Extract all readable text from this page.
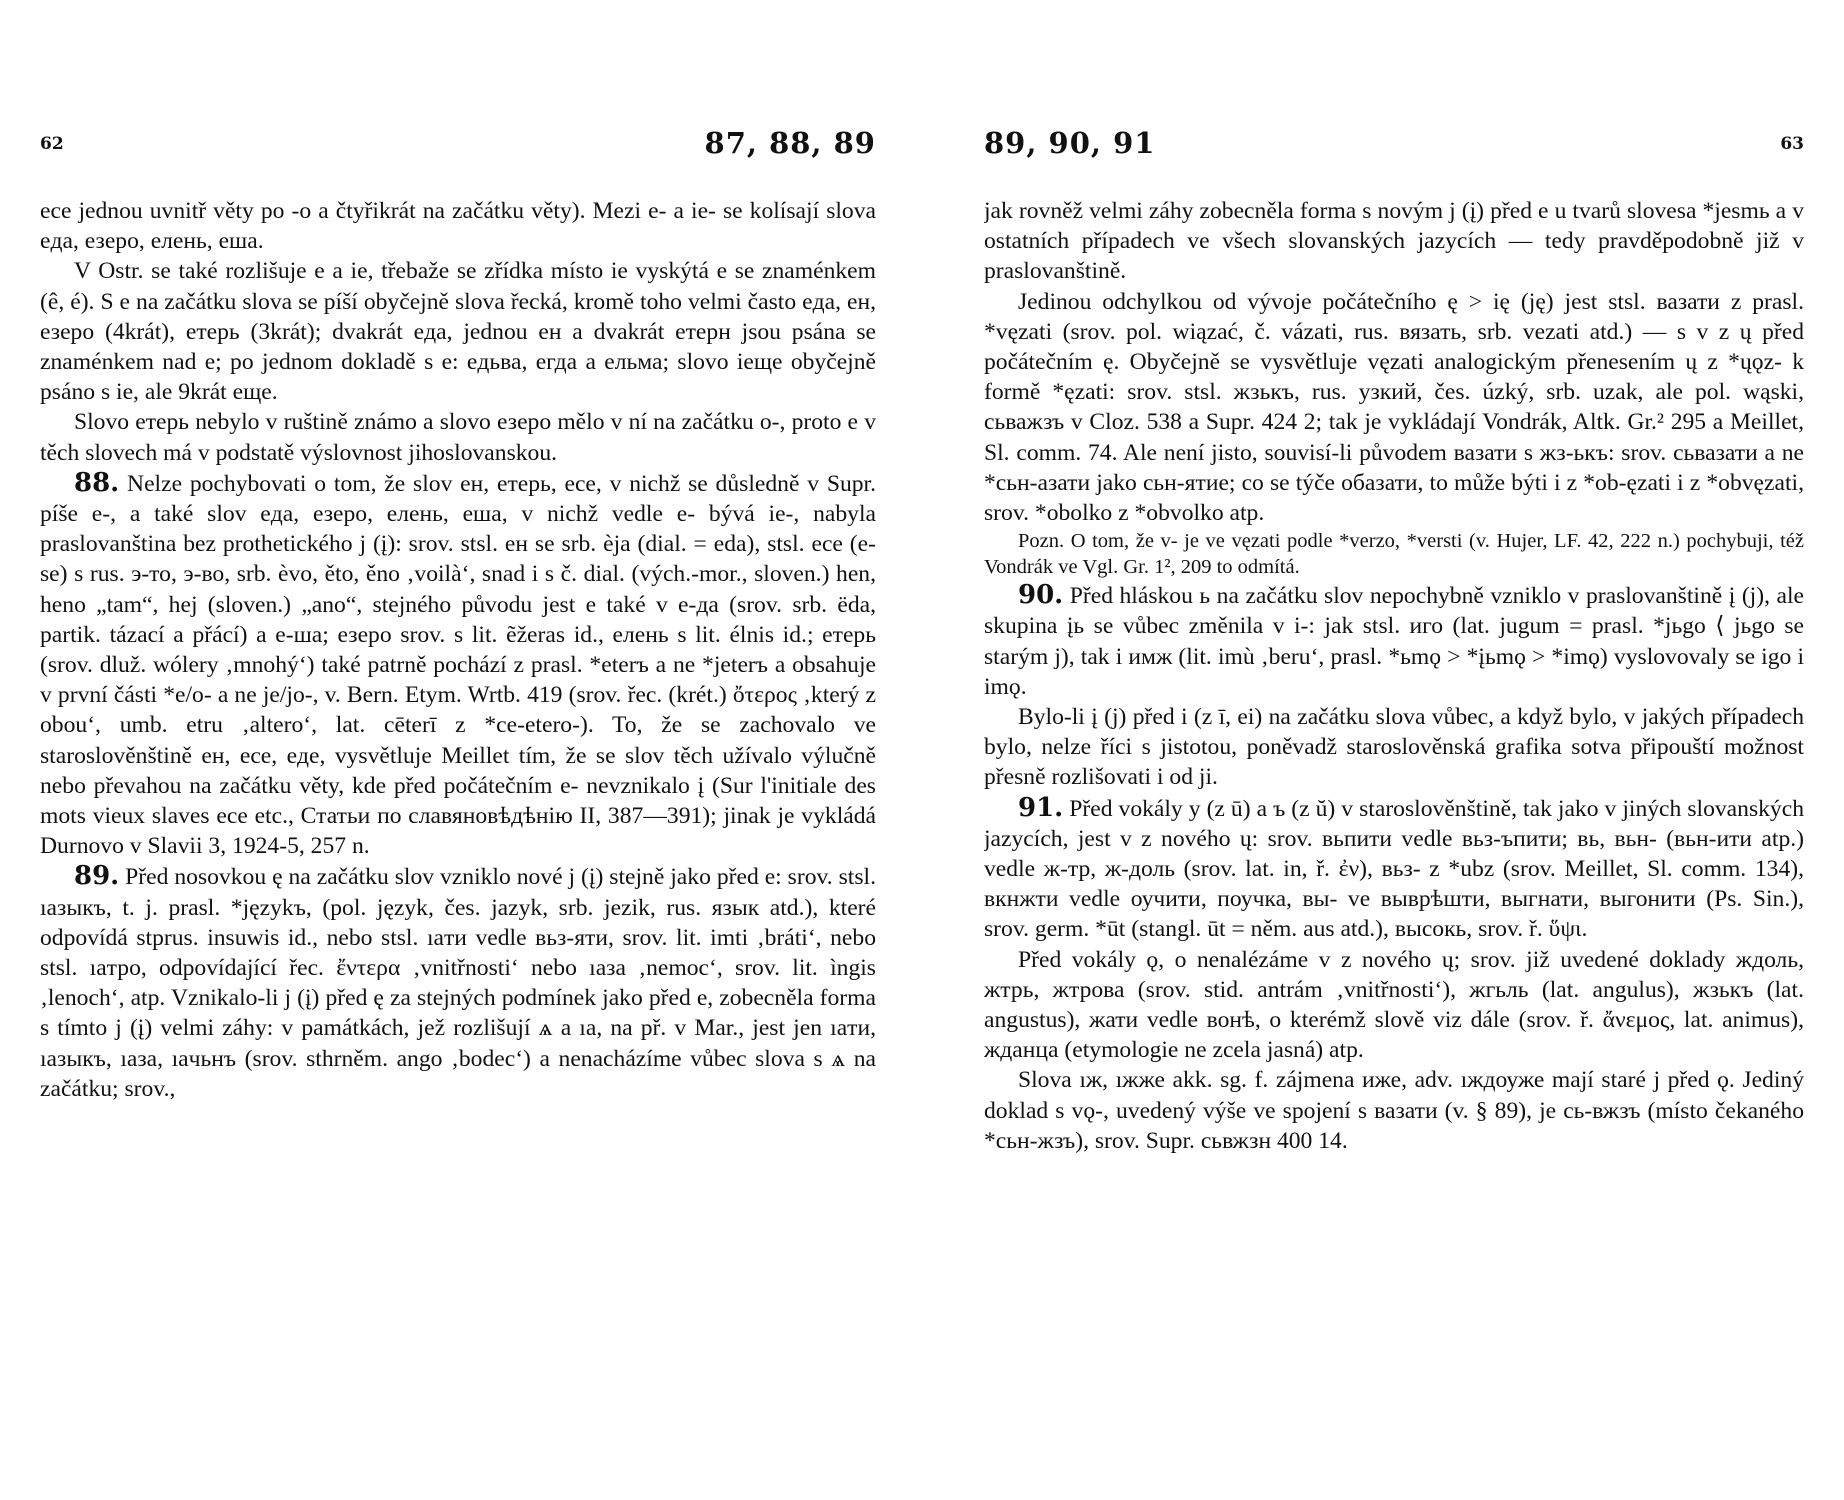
62	87, 88, 89

ece jednou uvnitř věty po -o a čtyřikrát na začátku věty). Mezi e- a ie- se kolísají slova eда, езеро, елень, еша.

V Ostr. se také rozlišuje e a ie, třebaže se zřídka místo ie vyskýtá e se znaménkem (ê, é). S e na začátku slova se píší obyčejně slova řecká, kromě toho velmi často eда, ен, езеро (4krát), етерь (3krát); dvakrát eда, jednou ен a dvakrát етерн jsou psána se znaménkem nad e; po jednom dokladě s e: eдьва, егда a ельма; slovo ieще obyčejně psáno s ie, ale 9krát еще.

Slovo етерь nebylo v ruštině známo a slovo езеро mělo v ní na začátku o-, proto e v těch slovech má v podstatě výslovnost jihoslovanskou.

88. Nelze pochybovati o tom, že slov ен, етерь, ece, v nichž se důsledně v Supr. píše e-, a také slov eда, езеро, елень, еша, v nichž vedle e- bývá ie-, nabyla praslovanština bez prothetického j (į): srov. stsl. ен se srb. èja (dial. = eda), stsl. ece (e-se) s rus. э-то, э-во, srb. èvo, ěto, ěno ‚voilà‘, snad i s č. dial. (vých.-mor., sloven.) hen, heno „tam“, hej (sloven.) „ano“, stejného původu jest e také v e-да (srov. srb. ëda, partik. tázací a přácí) a e-ша; езеро srov. s lit. ẽžeras id., елень s lit. élnis id.; етерь (srov. dluž. wólery ‚mnohý‘) také patrně pochází z prasl. *eterъ a ne *jeterъ a obsahuje v první části *e/o- a ne je/jo-, v. Bern. Etym. Wrtb. 419 (srov. řec. (krét.) ὄτερος ‚který z obou‘, umb. etru ‚altero‘, lat. cēterī z *ce-etero-). To, že se zachovalo ve staroslověnštině ен, ece, eде, vysvětluje Meillet tím, že se slov těch užívalo výlučně nebo převahou na začátku věty, kde před počátečním e- nevznikalo į (Sur l'initiale des mots vieux slaves ece etc., Статьи по славяновѣдѣнію II, 387—391); jinak je vykládá Durnovo v Slavii 3, 1924-5, 257 n.

89. Před nosovkou ę na začátku slov vzniklo nové j (į) stejně jako před e: srov. stsl. ıaзыкъ, t. j. prasl. *językъ, (pol. język, čes. jazyk, srb. jezik, rus. язык atd.), které odpovídá stprus. insuwis id., nebo stsl. ıaти vedle вьз-яти, srov. lit. imti ‚bráti‘, nebo stsl. ıaтро, odpovídající řec. ἔντερα ‚vnitřnosti‘ nebo ıaза ‚nemoc‘, srov. lit. ìngis ‚lenoch‘, atp. Vznikalo-li j (į) před ę za stejných podmínek jako před e, zobecněla forma s tímto j (į) velmi záhy: v památkách, jež rozlišují ѧ a ıa, na př. v Mar., jest jen ıaти, ıaзыкъ, ıaза, ıaчьнъ (srov. sthrněm. ango ‚bodec‘) a nenacházíme vůbec slova s ѧ na začátku; srov.,

89, 90, 91	63

jak rovněž velmi záhy zobecněla forma s novým j (į) před e u tvarů slovesa *jesmь a v ostatních případech ve všech slovanských jazycích — tedy pravděpodobně již v praslovanštině.

Jedinou odchylkou od vývoje počátečního ę > ię (ję) jest stsl. вазати z prasl. *vęzati (srov. pol. wiązać, č. vázati, rus. вязать, srb. vezati atd.) — s v z ų před počátečním ę. Obyčejně se vysvětluje vęzati analogickým přenesením ų z *ųǫz- k formě *ęzati: srov. stsl. жзькъ, rus. узкий, čes. úzký, srb. uzak, ale pol. wąski, сьважзъ v Cloz. 538 a Supr. 424 2; tak je vykládají Vondrák, Altk. Gr.² 295 a Meillet, Sl. comm. 74. Ale není jisto, souvisí-li původem вазати s жз-ькъ: srov. сьвазати a ne *сьн-азати jako сьн-ятие; co se týče обазати, to může býti i z *ob-ęzati i z *obvęzati, srov. *obolko z *obvolko atp.

Pozn. O tom, že v- je ve vęzati podle *verzo, *versti (v. Hujer, LF. 42, 222 n.) pochybuji, též Vondrák ve Vgl. Gr. 1², 209 to odmítá.

90. Před hláskou ь na začátku slov nepochybně vzniklo v praslovanštině į (j), ale skupina įь se vůbec změnila v i-: jak stsl. иго (lat. jugum = prasl. *jьgo ⟨ jьgo se starým j), tak i имж (lit. imù ‚beru‘, prasl. *ьmǫ > *įьmǫ > *imǫ) vyslovovaly se igo i imǫ.

Bylo-li į (j) před i (z ī, ei) na začátku slova vůbec, a když bylo, v jakých případech bylo, nelze říci s jistotou, poněvadž staroslověnská grafika sotva připouští možnost přesně rozlišovati i od ji.

91. Před vokály y (z ū) a ъ (z ŭ) v staroslověnštině, tak jako v jiných slovanských jazycích, jest v z nového ų: srov. вьпити vedle вьз-ъпити; вь, вьн- (вьн-ити atp.) vedle ж-тр, ж-доль (srov. lat. in, ř. ἐν), вьз- z *ubz (srov. Meillet, Sl. comm. 134), вкнжти vedle оучити, поучка, вы- ve выврѣшти, выгнати, выгонити (Ps. Sin.), srov. germ. *ūt (stangl. ūt = něm. aus atd.), высокь, srov. ř. ὕψι.

Před vokály ǫ, o nenalézáme v z nového ų; srov. již uvedené doklady ждоль, жтрь, жтрова (srov. stid. antrám ‚vnitřnosti‘), жгьль (lat. angulus), жзькъ (lat. angustus), жати vedle вонѣ, o kterémž slově viz dále (srov. ř. ἄνεμος, lat. animus), жданца (etymologie ne zcela jasná) atp.

Slova ıж, ıжже akk. sg. f. zájmena иже, adv. ıждоуже mají staré j před ǫ. Jediný doklad s vǫ-, uvedený výše ve spojení s вазати (v. § 89), je сь-вжзъ (místo čekaného *сьн-жзъ), srov. Supr. сьвжзн 400 14.
